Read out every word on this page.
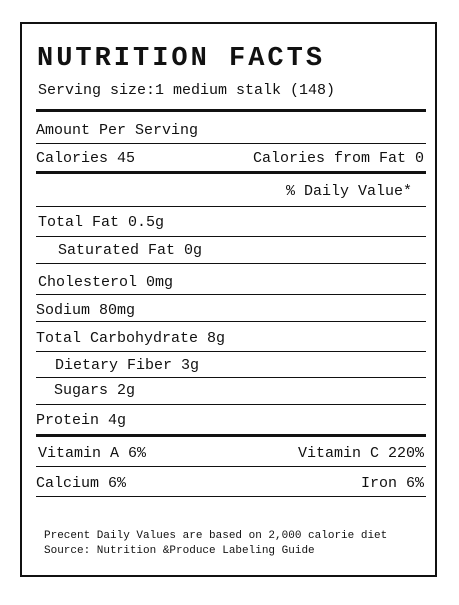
NUTRITION FACTS
Serving size:1 medium stalk (148)
Amount Per Serving
Calories 45	Calories from Fat 0
% Daily Value*
Total Fat 0.5g
Saturated Fat 0g
Cholesterol 0mg
Sodium 80mg
Total Carbohydrate 8g
Dietary Fiber 3g
Sugars 2g
Protein 4g
Vitamin A 6%	Vitamin C 220%
Calcium 6%	Iron 6%
Precent Daily Values are based on 2,000 calorie diet
Source: Nutrition &Produce Labeling Guide
